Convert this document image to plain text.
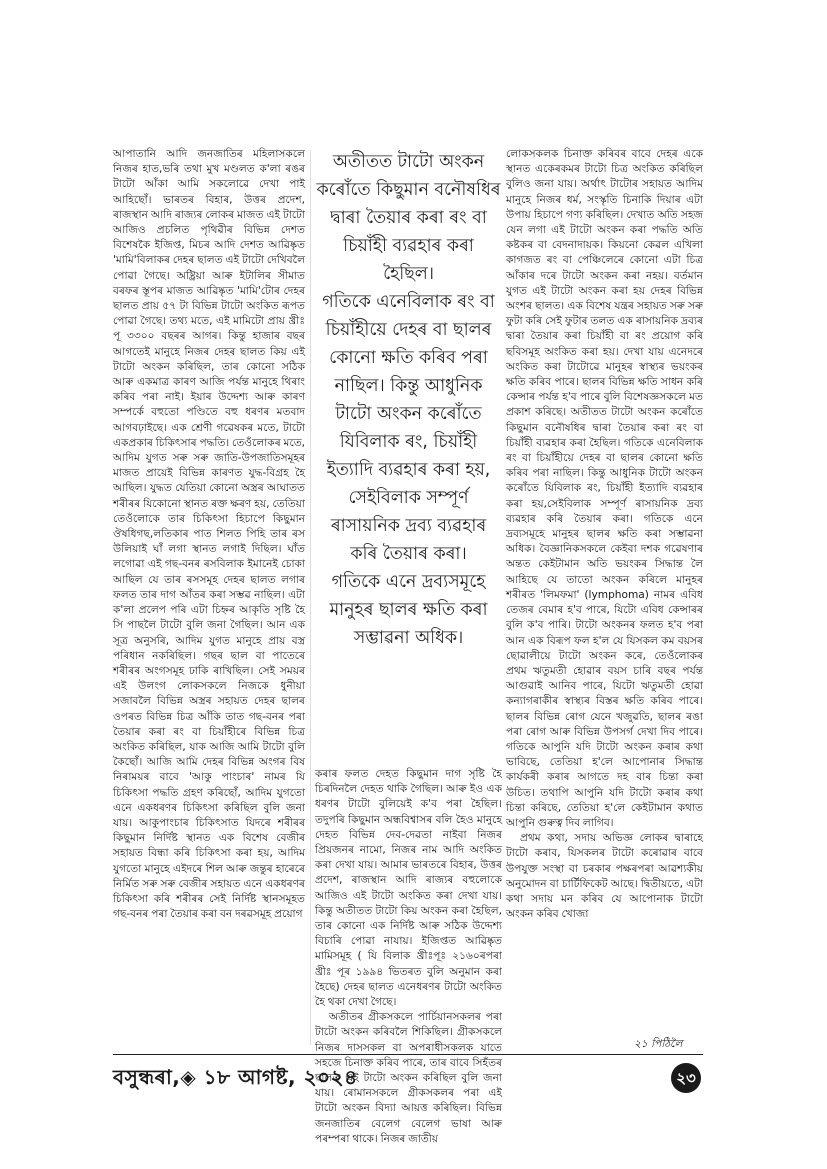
আপাতানি আদি জনজাতিৰ মহিলাসকলে নিজৰ হাত,ভৰি তথা মুখ মণ্ডলত ক'লা ৰঙৰ টাটো আঁকা আমি সকলোৱে দেখা পাই আহিছোঁ। ভাৰতৰ বিহাৰ, উত্তৰ প্ৰদেশ, ৰাজস্থান আদি ৰাজ্যৰ লোকৰ মাজত এই টাটো আজিও প্ৰচলিত পৃথিৱীৰ বিভিন্ন দেশত বিশেষকৈ ইজিপ্ত, মিচৰ আদি দেশত আৱিষ্কৃত 'মামি'বিলাকৰ দেহৰ ছালত এই টাটো দেখিবলৈ পোৱা গৈছে। অষ্ট্ৰিয়া আৰু ইটালিৰ সীমাত বৰফৰ স্তূপৰ মাজত আৱিষ্কৃত 'মামি'টোৰ দেহৰ ছালত প্ৰায় ৫৭ টা বিভিন্ন টাটো অংকিত ৰূপত পোৱা গৈছে। তথ্য মতে, এই মামিটো প্ৰায় খ্ৰীঃ পূ ৩৩০০ বছৰৰ আগৰ। কিন্তু হাজাৰ বছৰ আগতেই মানুহে নিজৰ দেহৰ ছালত কিয় এই টাটো অংকন কৰিছিল, তাৰ কোনো সঠিক আৰু একমাত্ৰ কাৰণ আজি পৰ্যন্ত মানুহে থিৰাং কৰিব পৰা নাই। ইয়াৰ উদ্দেশ্য আৰু কাৰণ সম্পৰ্কে বহুতো পণ্ডিতে বহু ধৰণৰ মতবাদ আগবঢ়াইছে। এক শ্ৰেণী গৱেষকৰ মতে, টাটো একপ্ৰকাৰ চিকিৎসাৰ পদ্ধতি। তেওঁলোকৰ মতে, আদিম যুগত সৰু সৰু জাতি-উপজাতিসমূহৰ মাজত প্ৰায়েই বিভিন্ন কাৰণত যুদ্ধ-বিগ্ৰহ হৈ আছিল। যুদ্ধত যেতিয়া কোনো অস্ত্ৰৰ আঘাতত শৰীৰৰ যিকোনো স্থানত ৰক্ত ক্ষৰণ হয়, তেতিয়া তেওঁলোকে তাৰ চিকিৎসা হিচাপে কিছুমান ঔষধিগছ,লতিকাৰ পাত শিলত পিহি তাৰ ৰস উলিয়াই ঘাঁ লগা স্থানত লগাই দিছিল। ঘাঁত লগোৱা এই গছ-বনৰ ৰসবিলাক ইমানেই চোকা আছিল যে তাৰ ৰসসমূহ দেহৰ ছালত লগাৰ ফলত তাৰ দাগ আঁতৰ কৰা সম্ভৱ নাছিল। এটা ক'লা প্ৰলেপ পৰি এটা চিহ্নৰ আকৃতি সৃষ্টি হৈ সি পাছলৈ টাটো বুলি জনা গৈছিল। আন এক সূত্ৰ অনুসৰি, আদিম যুগত মানুহে প্ৰায় বস্ত্ৰ পৰিধান নকৰিছিল। গছৰ ছাল বা পাতেৰে শৰীৰৰ অংগসমূহ ঢাকি ৰাখিছিল। সেই সময়ৰ এই উলংগ লোকসকলে নিজকে ধুনীয়া সজাবলৈ বিভিন্ন অস্ত্ৰৰ সহায়ত দেহৰ ছালৰ ওপৰত বিভিন্ন চিত্ৰ আঁকি তাত গছ-বনৰ পৰা তৈয়াৰ কৰা ৰং বা চিয়াঁহীৰে বিভিন্ন চিত্ৰ অংকিত কৰিছিল, যাক আজি আমি টাটো বুলি কৈছোঁ। আজি আমি দেহৰ বিভিন্ন অংগৰ বিষ নিৰাময়ৰ বাবে 'আকু পাংচাৰ' নামৰ যি চিকিৎসা পদ্ধতি গ্ৰহণ কৰিছোঁ, আদিম যুগতো এনে একধৰণৰ চিকিৎসা কৰিছিল বুলি জনা যায়। আকুপাংচাৰ চিকিৎসাত যিদৰে শৰীৰৰ কিছুমান নিৰ্দিষ্ট স্থানত এক বিশেষ বেজীৰ সহায়ত বিন্ধা কৰি চিকিৎসা কৰা হয়, আদিম যুগতো মানুহে এইদৰে শিল আৰু জন্তুৰ হাৰেৰে নিৰ্মিত সৰু সৰু বেজীৰ সহায়ত এনে একধৰণৰ চিকিৎসা কৰি শৰীৰৰ সেই নিৰ্দিষ্ট স্থানসমূহত গছ-বনৰ পৰা তৈয়াৰ কৰা বন দৰৱসমূহ প্ৰয়োগ

অতীতত টাটো অংকন কৰোঁতে কিছুমান বনৌষধিৰ দ্বাৰা তৈয়াৰ কৰা ৰং বা চিয়াঁহী ব্যৱহাৰ কৰা হৈছিল।

গতিকে এনেবিলাক ৰং বা চিয়াঁহীয়ে দেহৰ বা ছালৰ কোনো ক্ষতি কৰিব পৰা নাছিল। কিন্তু আধুনিক টাটো অংকন কৰোঁতে যিবিলাক ৰং, চিয়াঁহী ইত্যাদি ব্যৱহাৰ কৰা হয়, সেইবিলাক সম্পূৰ্ণ ৰাসায়নিক দ্ৰব্য ব্যৱহাৰ কৰি তৈয়াৰ কৰা।

গতিকে এনে দ্ৰব্যসমূহে মানুহৰ ছালৰ ক্ষতি কৰা সম্ভাৱনা অধিক।

কৰাৰ ফলত দেহত কিছুমান দাগ সৃষ্টি হৈ চিৰদিনলৈ দেহত থাকি গৈছিল। আৰু ইও এক ধৰণৰ টাটো বুলিয়েই ক'ব পৰা হৈছিল। তদুপৰি কিছুমান অন্ধবিশ্বাসৰ বলি হৈও মানুহে দেহত বিভিন্ন দেব-দেৱতা নাইবা নিজৰ প্ৰিয়জনৰ নামো, নিজৰ নাম আদি অংকিত কৰা দেখা যায়। আমাৰ ভাৰতৰে বিহাৰ, উত্তৰ প্ৰদেশ, ৰাজস্থান আদি ৰাজ্যৰ বহুলোকে আজিও এই টাটো অংকিত কৰা দেখা যায়। কিন্তু অতীতত টাটো কিয় অংকন কৰা হৈছিল, তাৰ কোনো এক নিৰ্দিষ্ট আৰু সঠিক উদ্দেশ্য বিচাৰি পোৱা নাযায়। ইজিপ্তত আৱিষ্কৃত মামিসমূহ ( যি বিলাক খ্ৰীঃপূঃ ২১৬০ৰপৰা খ্ৰীঃ পূৰ ১৯৯৪ ভিতৰত বুলি অনুমান কৰা হৈছে) দেহৰ ছালত এনেধৰণৰ টাটো অংকিত হৈ থকা দেখা গৈছে।

অতীতৰ গ্ৰীকসকলে পাৰ্চিয়ানসকলৰ পৰা টাটো অংকন কৰিবলৈ শিকিছিল। গ্ৰীকসকলে নিজৰ দাসসকল বা অপৰাধীসকলক যাতে সহজে চিনাক্ত কৰিব পাৰে, তাৰ বাবে সিহঁতৰ ছালত এই টাটো অংকন কৰিছিল বুলি জনা যায়। ৰোমানসকলে গ্ৰীকসকলৰ পৰা এই টাটো অংকন বিদ্যা আয়ত্ত কৰিছিল। বিভিন্ন জনজাতিৰ বেলেগ বেলেগ ভাষা আৰু পৰম্পৰা থাকে। নিজৰ জাতীয়

লোকসকলক চিনাক্ত কৰিবৰ বাবে দেহৰ একে স্থানত একেৰকমৰ টাটো চিত্ৰ অংকিত কৰিছিল বুলিও জনা যায়। অৰ্থাৎ টাটোৰ সহায়ত আদিম মানুহে নিজৰ ধৰ্ম, সংস্কৃতি চিনাকি দিয়াৰ এটা উপায় হিচাপে গণ্য কৰিছিল। দেখাত অতি সহজ যেন লগা এই টাটো অংকন কৰা পদ্ধতি অতি কষ্টকৰ বা বেদনাদায়ক। কিয়নো কেৱল এখিলা কাগজত ৰং বা পেঞ্চিলেৰে কোনো এটা চিত্ৰ আঁকাৰ দৰে টাটো অংকন কৰা নহয়। বৰ্তমান যুগত এই টাটো অংকন কৰা হয় দেহৰ বিভিন্ন অংশৰ ছালত। এক বিশেষ যন্ত্ৰৰ সহায়ত সৰু সৰু ফুটা কৰি সেই ফুটাৰ তলত এক ৰাসায়নিক দ্ৰব্যৰ দ্বাৰা তৈয়াৰ কৰা চিয়াঁহী বা ৰং প্ৰয়োগ কৰি ছবিসমূহ অংকিত কৰা হয়। দেখা যায় এনেদৰে অংকিত কৰা টাটোৱে মানুহৰ স্বাস্থ্যৰ ভয়ংকৰ ক্ষতি কৰিব পাৰে। ছালৰ বিভিন্ন ক্ষতি সাধন কৰি কেন্সাৰ পৰ্যন্ত হ'ব পাৰে বুলি বিশেষজ্ঞসকলে মত প্ৰকাশ কৰিছে। অতীতত টাটো অংকন কৰোঁতে কিছুমান বনৌষধিৰ দ্বাৰা তৈয়াৰ কৰা ৰং বা চিয়াঁহী ব্যৱহাৰ কৰা হৈছিল। গতিকে এনেবিলাক ৰং বা চিয়াঁহীয়ে দেহৰ বা ছালৰ কোনো ক্ষতি কৰিব পৰা নাছিল। কিন্তু আধুনিক টাটো অংকন কৰোঁতে যিবিলাক ৰং, চিয়াঁহী ইত্যাদি ব্যৱহাৰ কৰা হয়,সেইবিলাক সম্পূৰ্ণ ৰাসায়নিক দ্ৰব্য ব্যৱহাৰ কৰি তৈয়াৰ কৰা। গতিকে এনে দ্ৰব্যসমূহে মানুহৰ ছালৰ ক্ষতি কৰা সম্ভাৱনা অধিক। বৈজ্ঞানিকসকলে কেইবা দশক গৱেষণাৰ অন্তত কেইটামান অতি ভয়ংকৰ সিদ্ধান্ত লৈ আহিছে যে তাতো অংকন কৰিলে মানুহৰ শৰীৰত 'লিমফমা' (lymphoma) নামৰ এবিধ তেজৰ বেমাৰ হ'ব পাৰে, যিটো এবিধ কেন্সাৰৰ বুলি ক'ব পাৰি। টাটো অংকনৰ ফলত হ'ব পৰা আন এক বিৰূপ ফল হ'ল যে যিসকল কম বয়সৰ ছোৱালীয়ে টাটো অংকন কৰে, তেওঁলোকৰ প্ৰথম ঋতুমতী হোৱাৰ বয়স চাৰি বছৰ পৰ্যন্ত আগুৱাই আনিব পাৰে, যিটো ঋতুমতী হোৱা কন্যাগৰাকীৰ স্বাস্থ্যৰ বিস্তৰ ক্ষতি কৰিব পাৰে। ছালৰ বিভিন্ন ৰোগ যেনে খজুৱতি, ছালৰ ৰঙা পৰা ৰোগ আৰু বিভিন্ন উপসৰ্গ দেখা দিব পাৰে। গতিকে আপুনি যদি টাটো অংকন কৰাৰ কথা ভাবিছে, তেতিয়া হ'লে আপোনাৰ সিদ্ধান্ত কাৰ্যকৰী কৰাৰ আগতে দহ বাৰ চিন্তা কৰা উচিত। তথাপি আপুনি যদি টাটো কৰাৰ কথা চিন্তা কৰিছে, তেতিয়া হ'লে কেইটামান কথাত আপুনি গুৰুত্ব দিব লাগিব।

প্ৰথম কথা, সদায় অভিজ্ঞ লোকৰ দ্বাৰাহে টাটো কৰাব, যিসকলৰ টাটো কৰোৱাৰ বাবে উপযুক্ত সংস্থা বা চৰকাৰ পক্ষৰপৰা আৱশ্যকীয় অনুমোদন বা চাৰ্টিফিকেট আছে। দ্বিতীয়তে, এটা কথা সদায় মন কৰিব যে আপোনাক টাটো অংকন কৰিব খোজা

২১ পিঠিলৈ
বসুন্ধৰা,◈ ১৮ আগষ্ট, ২০২৪	২৩
